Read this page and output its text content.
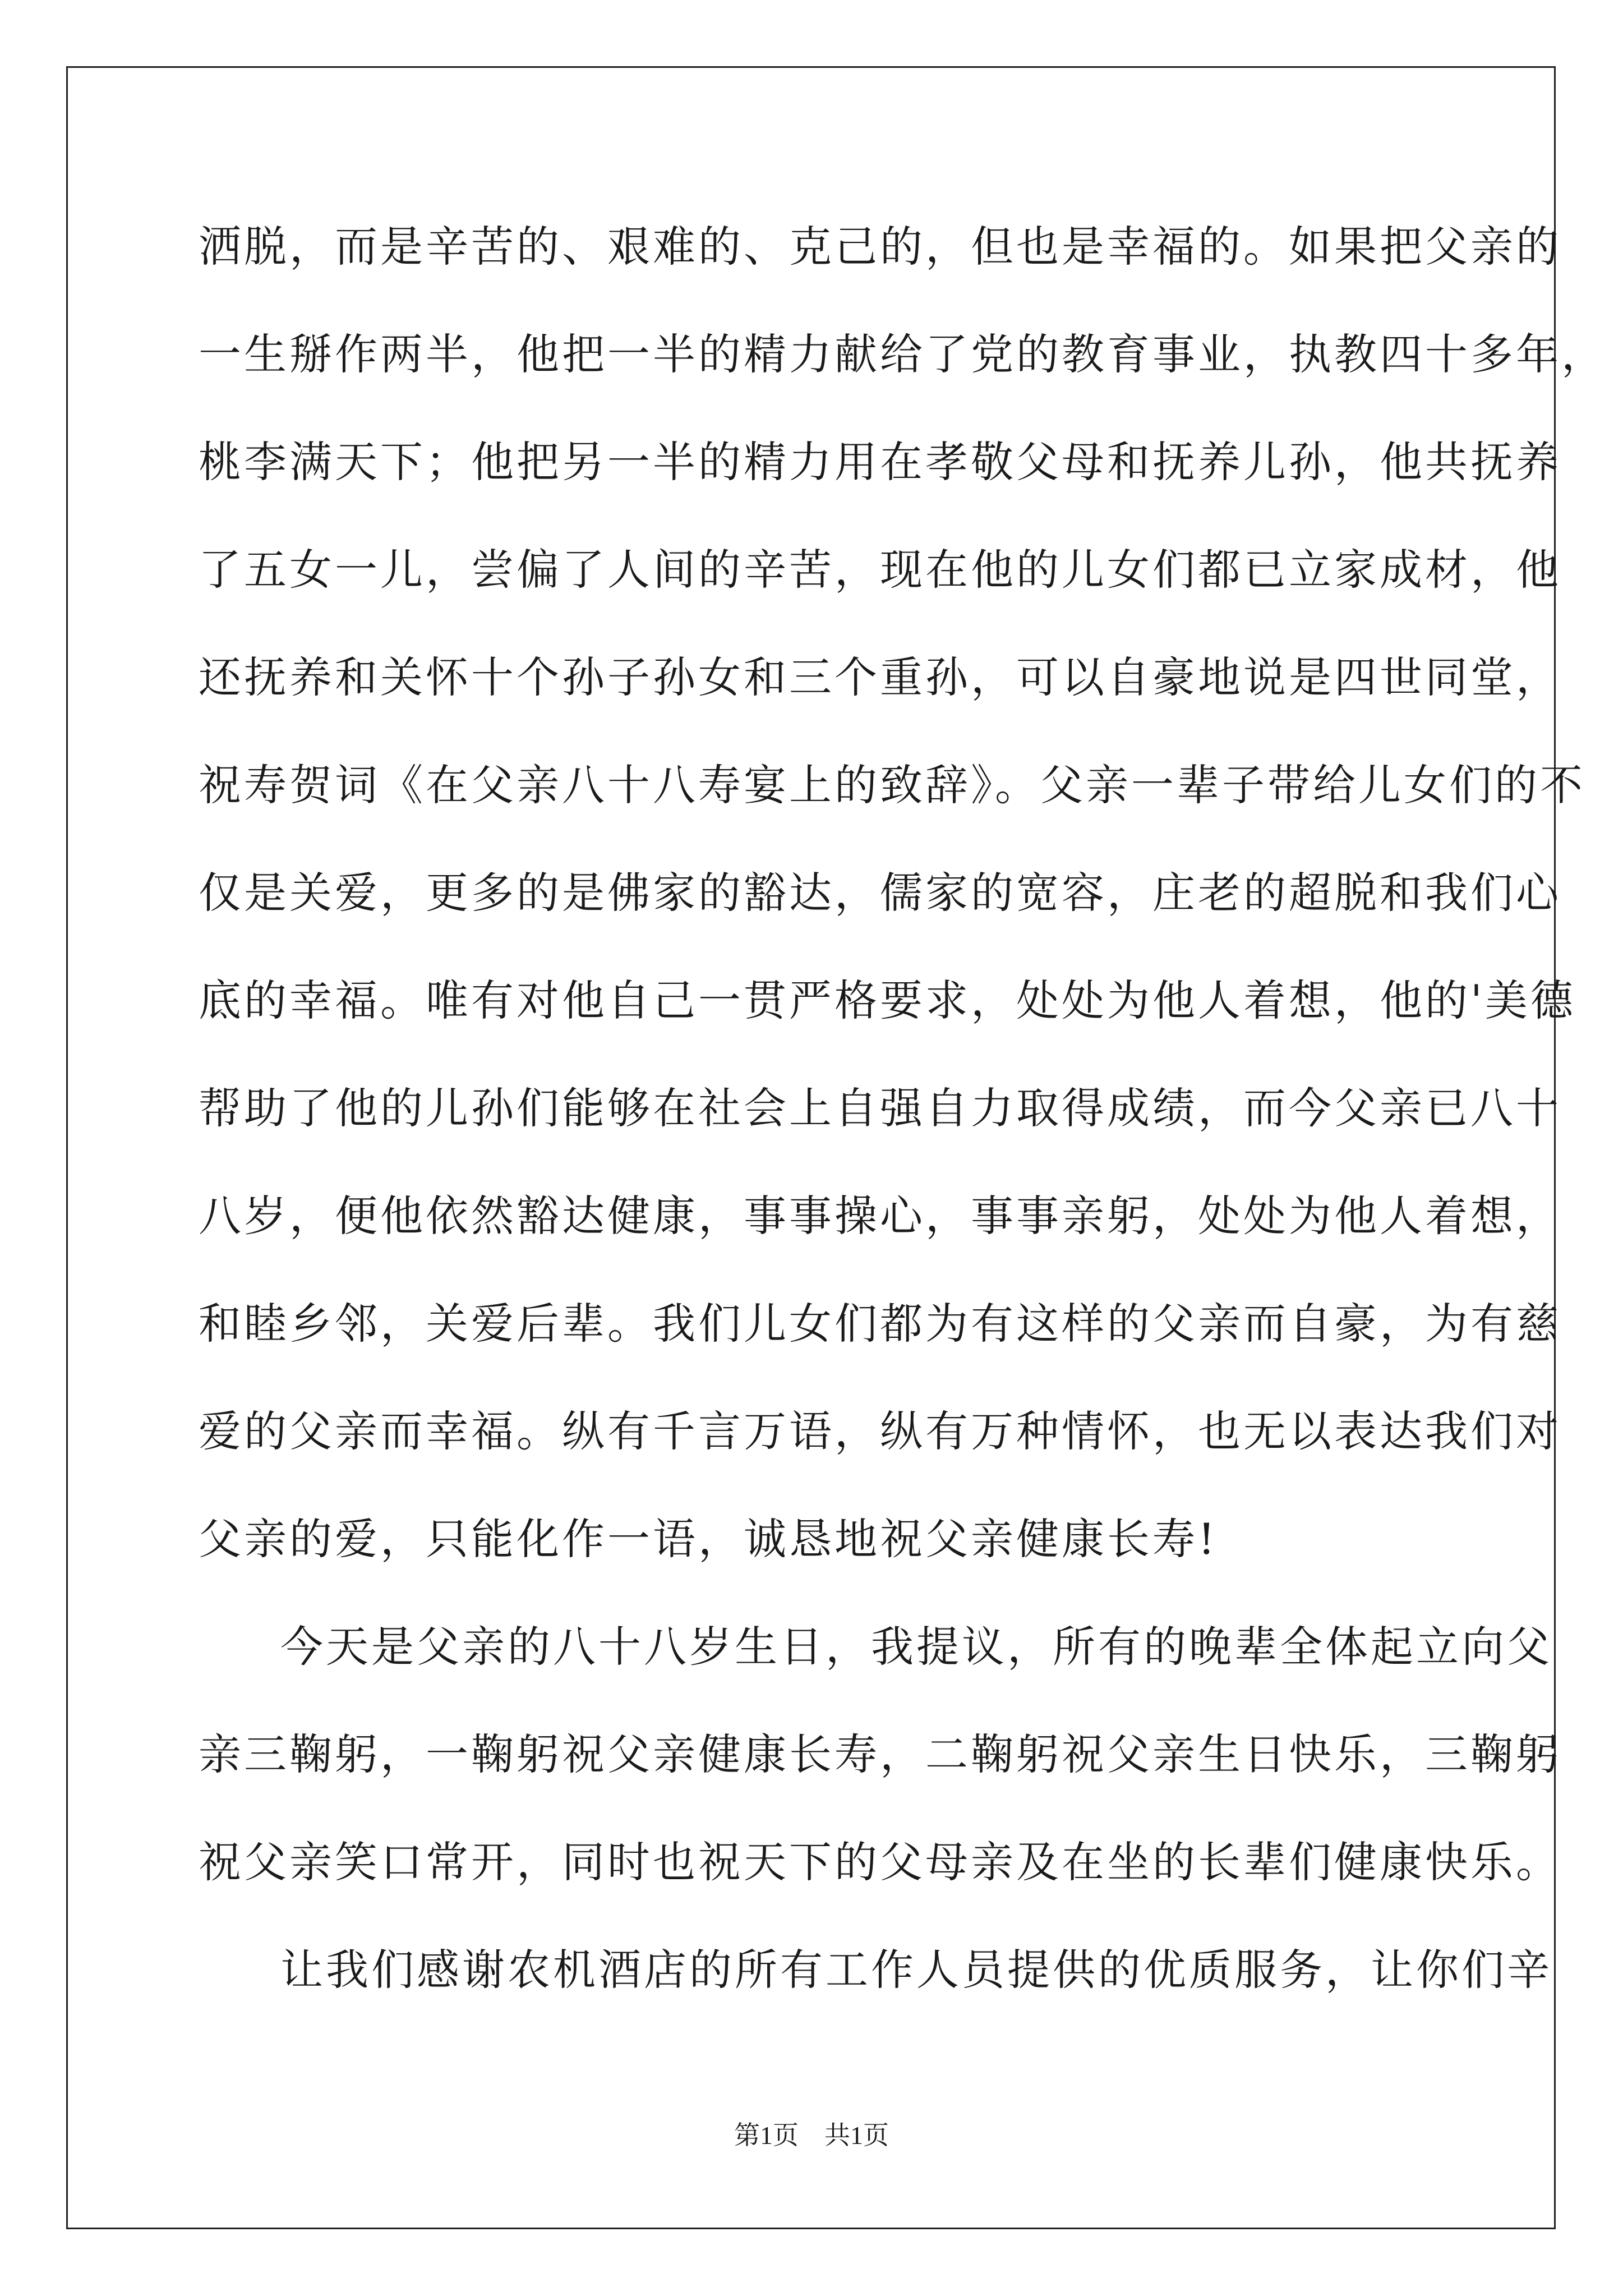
洒脱，而是辛苦的、艰难的、克己的，但也是幸福的。如果把父亲的
一生掰作两半，他把一半的精力献给了党的教育事业，执教四十多年，
桃李满天下；他把另一半的精力用在孝敬父母和抚养儿孙，他共抚养
了五女一儿，尝偏了人间的辛苦，现在他的儿女们都已立家成材，他
还抚养和关怀十个孙子孙女和三个重孙，可以自豪地说是四世同堂，
祝寿贺词《在父亲八十八寿宴上的致辞》。父亲一辈子带给儿女们的不
仅是关爱，更多的是佛家的豁达，儒家的宽容，庄老的超脱和我们心
底的幸福。唯有对他自己一贯严格要求，处处为他人着想，他的'美德
帮助了他的儿孙们能够在社会上自强自力取得成绩，而今父亲已八十
八岁，便他依然豁达健康，事事操心，事事亲躬，处处为他人着想，
和睦乡邻，关爱后辈。我们儿女们都为有这样的父亲而自豪，为有慈
爱的父亲而幸福。纵有千言万语，纵有万种情怀，也无以表达我们对
父亲的爱，只能化作一语，诚恳地祝父亲健康长寿!
今天是父亲的八十八岁生日，我提议，所有的晚辈全体起立向父
亲三鞠躬，一鞠躬祝父亲健康长寿，二鞠躬祝父亲生日快乐，三鞠躬
祝父亲笑口常开，同时也祝天下的父母亲及在坐的长辈们健康快乐。
让我们感谢农机酒店的所有工作人员提供的优质服务，让你们辛
第1页　共1页
